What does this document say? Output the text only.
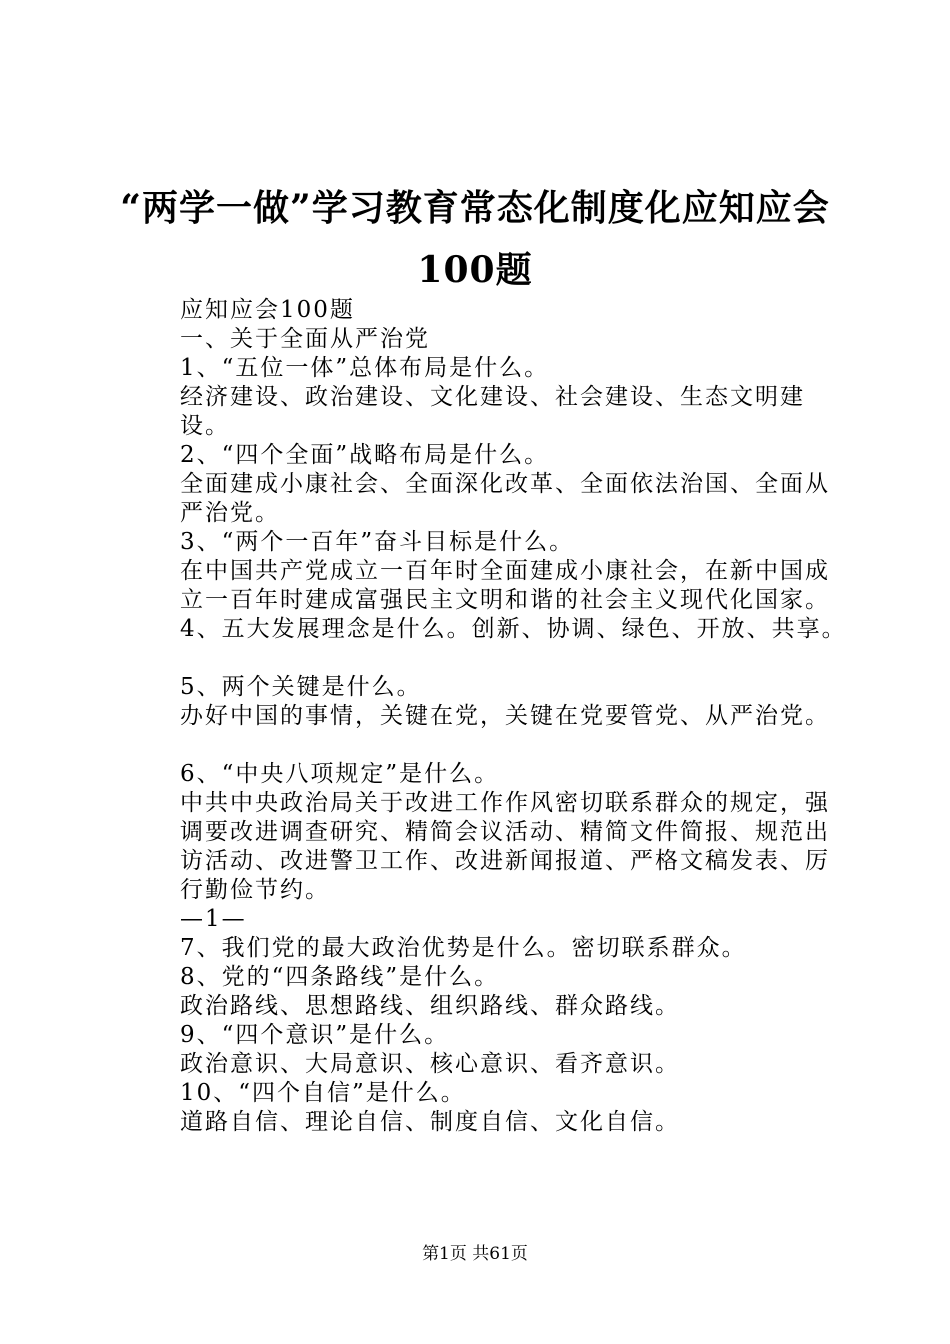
“两学一做”学习教育常态化制度化应知应会
100题

应知应会100题

一、关于全面从严治党

1、“五位一体”总体布局是什么。

经济建设、政治建设、文化建设、社会建设、生态文明建设。

2、“四个全面”战略布局是什么。

全面建成小康社会、全面深化改革、全面依法治国、全面从严治党。

3、“两个一百年”奋斗目标是什么。

在中国共产党成立一百年时全面建成小康社会，在新中国成立一百年时建成富强民主文明和谐的社会主义现代化国家。

4、五大发展理念是什么。创新、协调、绿色、开放、共享。

5、两个关键是什么。

办好中国的事情，关键在党，关键在党要管党、从严治党。

6、“中央八项规定”是什么。

中共中央政治局关于改进工作作风密切联系群众的规定，强调要改进调查研究、精简会议活动、精简文件简报、规范出访活动、改进警卫工作、改进新闻报道、严格文稿发表、厉行勤俭节约。

—1—

7、我们党的最大政治优势是什么。密切联系群众。

8、党的“四条路线”是什么。

政治路线、思想路线、组织路线、群众路线。

9、“四个意识”是什么。

政治意识、大局意识、核心意识、看齐意识。

10、“四个自信”是什么。

道路自信、理论自信、制度自信、文化自信。

第1页 共61页
